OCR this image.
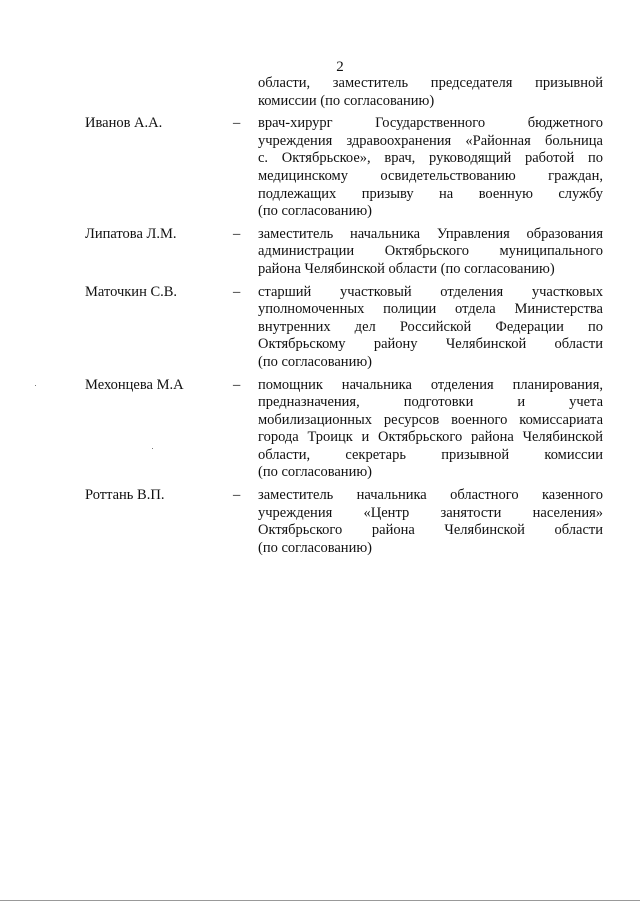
2
области, заместитель председателя призывной
комиссии (по согласованию)
Иванов А.А.	– врач-хирург Государственного бюджетного
учреждения здравоохранения «Районная больница
с. Октябрьское», врач, руководящий работой по
медицинскому освидетельствованию граждан,
подлежащих призыву на военную службу
(по согласованию)
Липатова Л.М.	– заместитель начальника Управления образования
администрации Октябрьского муниципального
района Челябинской области (по согласованию)
Маточкин С.В.	– старший участковый отделения участковых
уполномоченных полиции отдела Министерства
внутренних дел Российской Федерации по
Октябрьскому району Челябинской области
(по согласованию)
Мехонцева М.А	– помощник начальника отделения планирования,
предназначения, подготовки и учета
мобилизационных ресурсов военного комиссариата
города Троицк и Октябрьского района Челябинской
области, секретарь призывной комиссии
(по согласованию)
Роттань В.П.	– заместитель начальника областного казенного
учреждения «Центр занятости населения»
Октябрьского района Челябинской области
(по согласованию)
